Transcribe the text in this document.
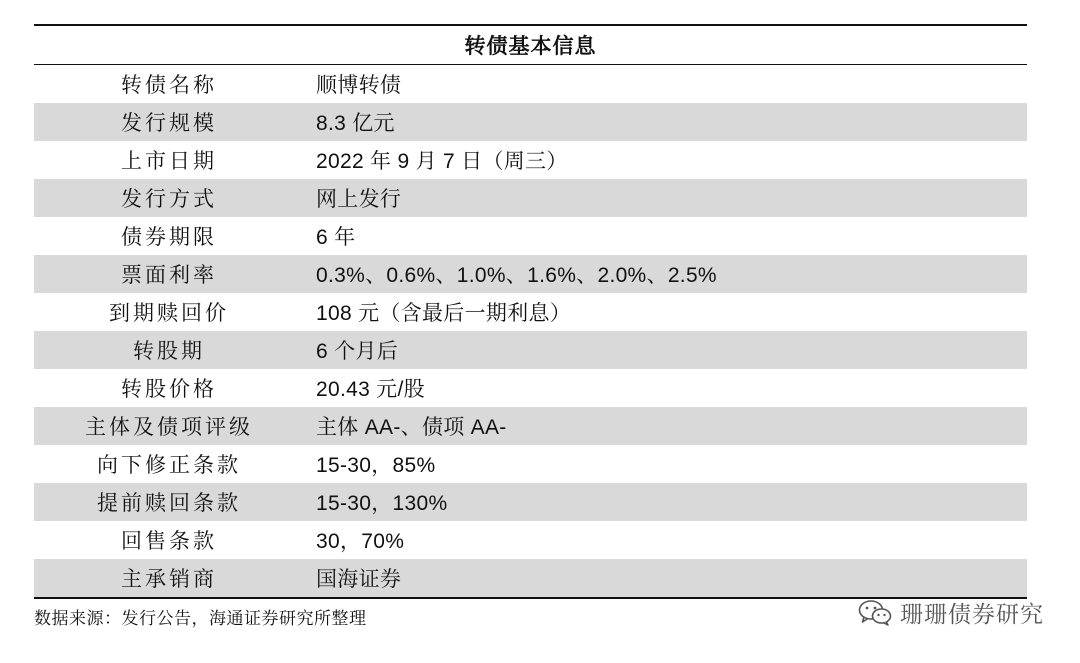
转债基本信息
转债名称	顺博转债
发行规模	8.3 亿元
上市日期	2022 年 9 月 7 日（周三）
发行方式	网上发行
债券期限	6 年
票面利率	0.3%、0.6%、1.0%、1.6%、2.0%、2.5%
到期赎回价	108 元（含最后一期利息）
转股期	6 个月后
转股价格	20.43 元/股
主体及债项评级	主体 AA-、债项 AA-
向下修正条款	15-30，85%
提前赎回条款	15-30，130%
回售条款	30，70%
主承销商	国海证券
数据来源：发行公告，海通证券研究所整理	珊珊债券研究
